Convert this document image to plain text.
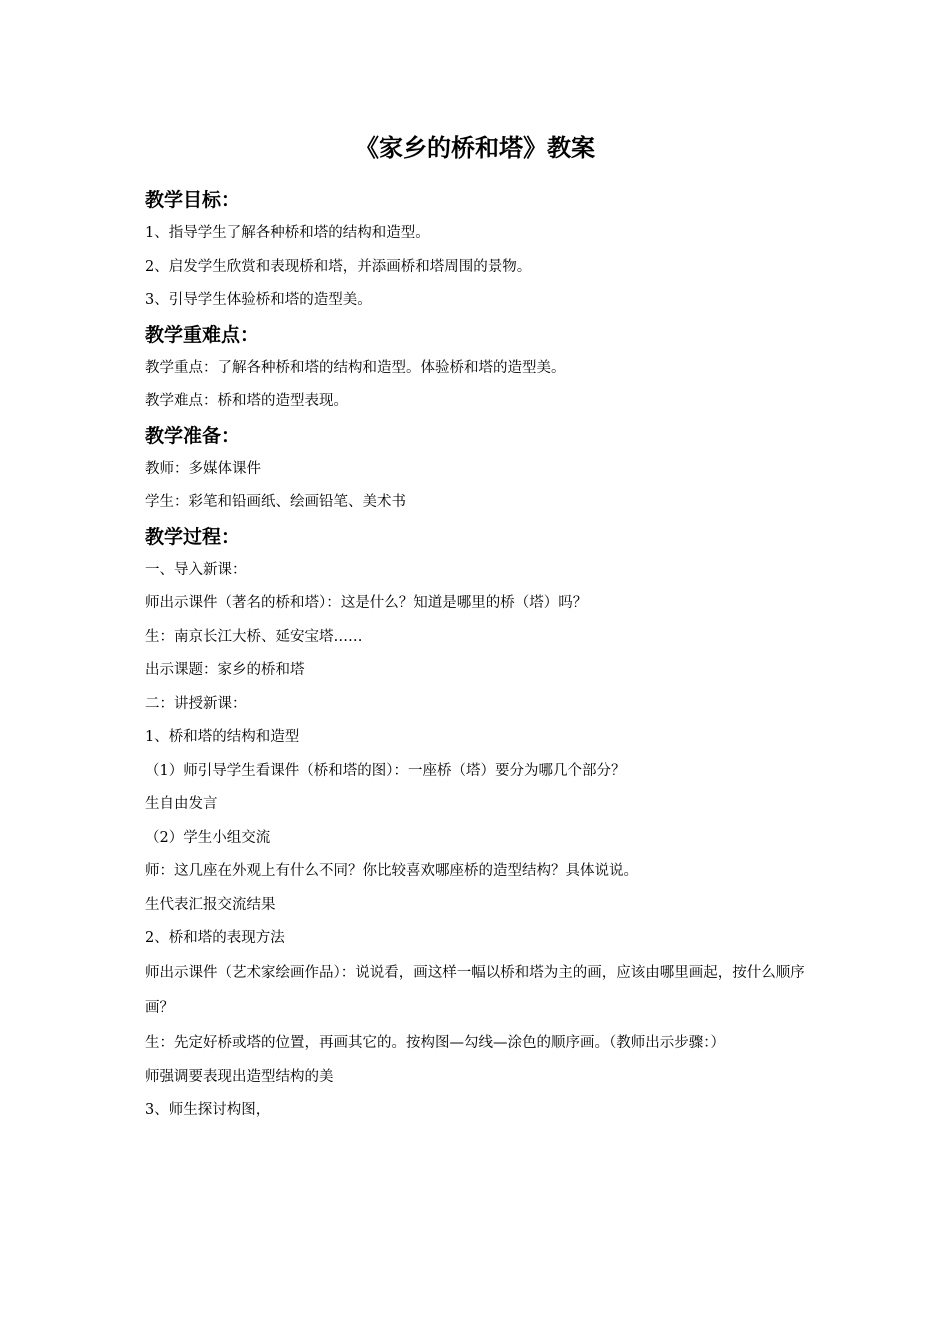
《家乡的桥和塔》教案
教学目标：

1、指导学生了解各种桥和塔的结构和造型。

2、启发学生欣赏和表现桥和塔，并添画桥和塔周围的景物。

3、引导学生体验桥和塔的造型美。

教学重难点：

教学重点：了解各种桥和塔的结构和造型。体验桥和塔的造型美。

教学难点：桥和塔的造型表现。

教学准备：

教师：多媒体课件

学生：彩笔和铅画纸、绘画铅笔、美术书

教学过程：

一、导入新课：

师出示课件（著名的桥和塔）：这是什么？知道是哪里的桥（塔）吗？

生：南京长江大桥、延安宝塔……

出示课题：家乡的桥和塔

二：讲授新课：

1、桥和塔的结构和造型

（1）师引导学生看课件（桥和塔的图）：一座桥（塔）要分为哪几个部分？

生自由发言

（2）学生小组交流

师：这几座在外观上有什么不同？你比较喜欢哪座桥的造型结构？具体说说。

生代表汇报交流结果

2、桥和塔的表现方法

师出示课件（艺术家绘画作品）：说说看，画这样一幅以桥和塔为主的画，应该由哪里画起，按什么顺序画？

生：先定好桥或塔的位置，再画其它的。按构图—勾线—涂色的顺序画。（教师出示步骤：）

师强调要表现出造型结构的美

3、师生探讨构图，
